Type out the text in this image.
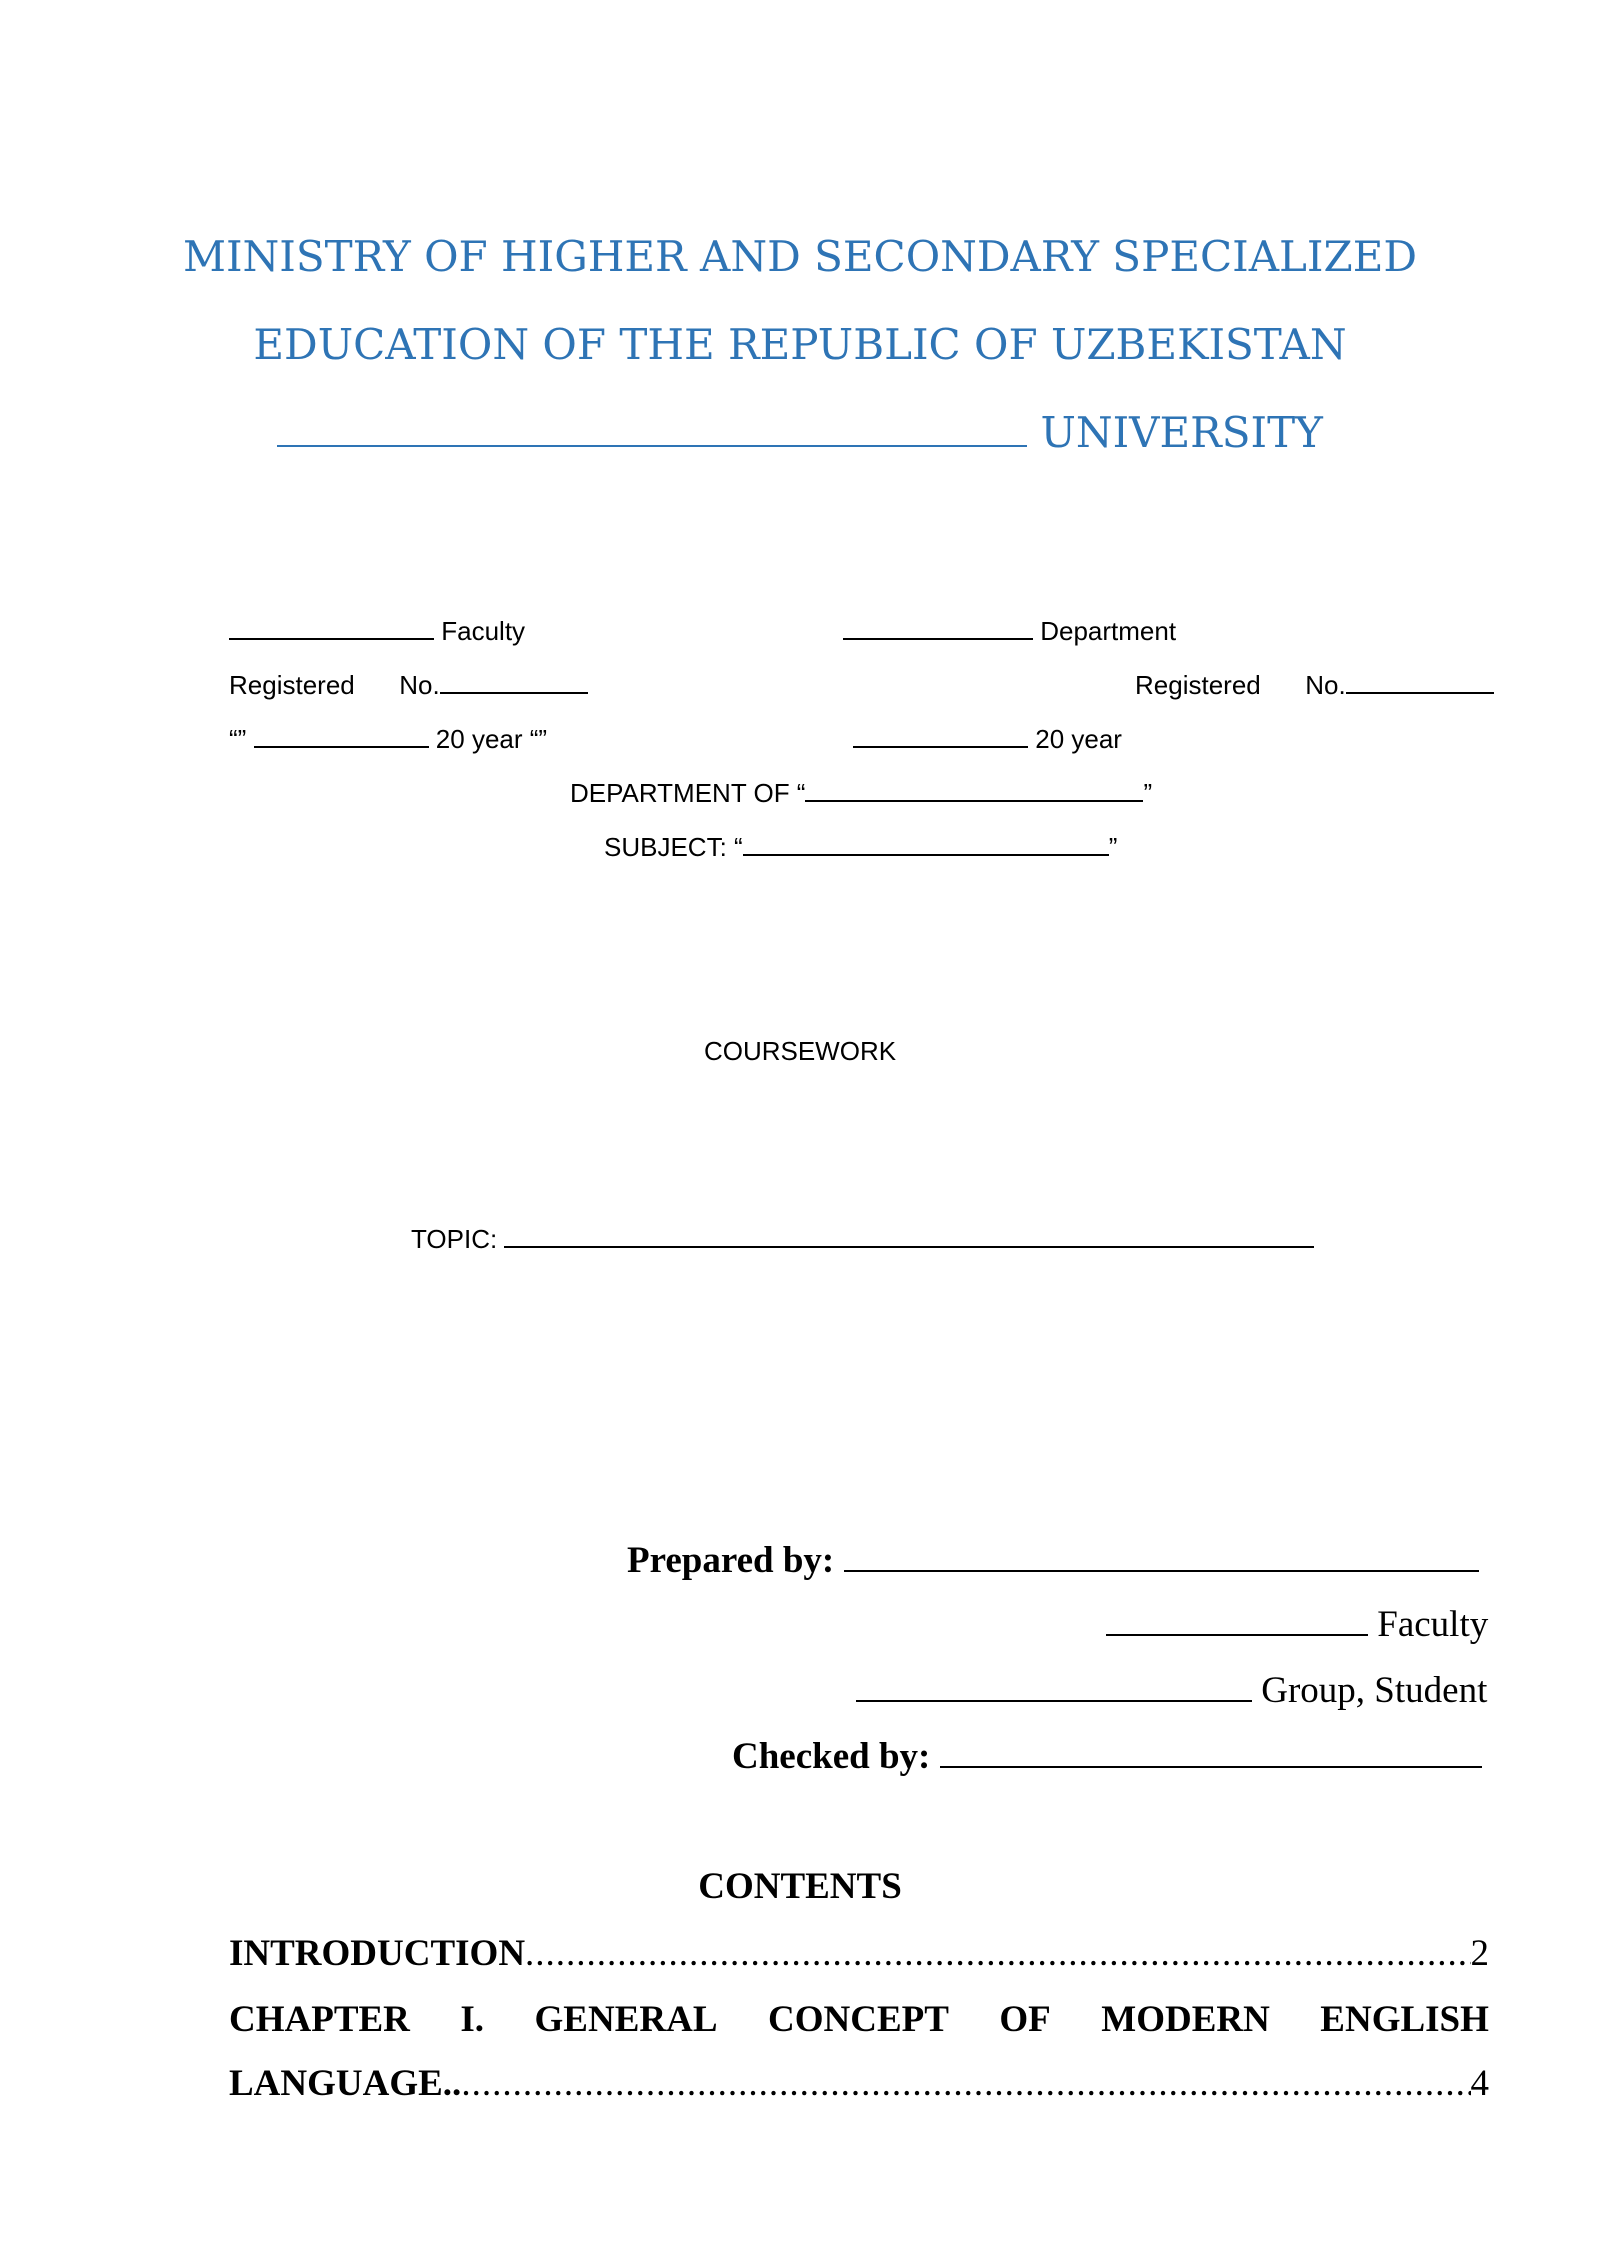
MINISTRY OF HIGHER AND SECONDARY SPECIALIZED
EDUCATION OF THE REPUBLIC OF UZBEKISTAN
UNIVERSITY
Faculty	Department
Registered No.	Registered No.
“”	20 year “”	20 year
DEPARTMENT OF “	”
SUBJECT: “	”
COURSEWORK
TOPIC:
Prepared by:
Faculty
Group, Student
Checked by:
CONTENTS
INTRODUCTION .....	2
CHAPTER I. GENERAL CONCEPT OF MODERN ENGLISH
LANGUAGE.. .....	4
